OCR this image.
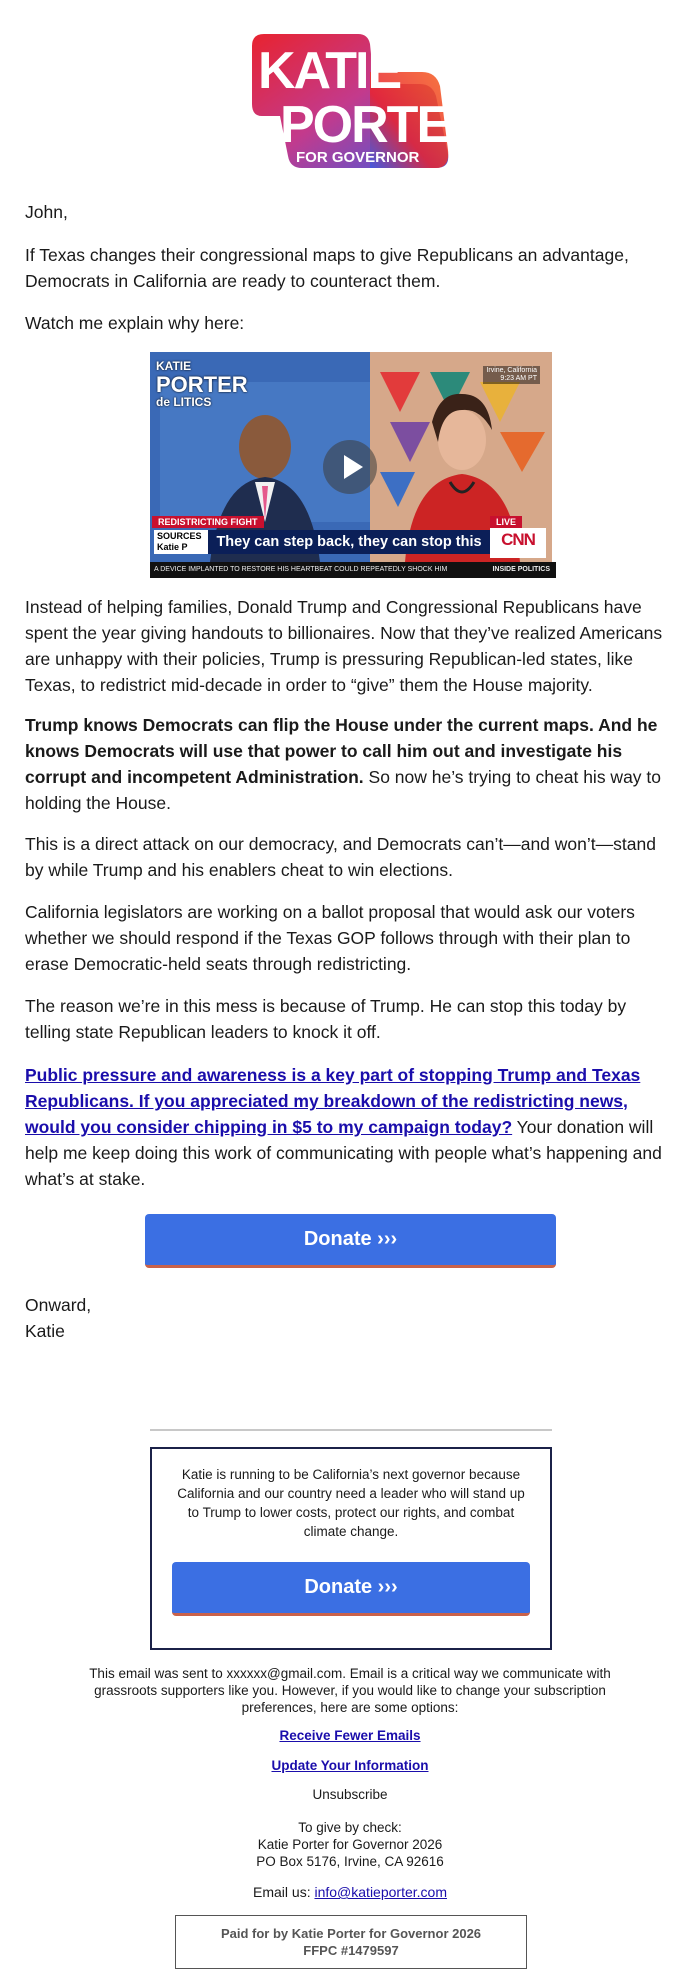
KATIE
PORTER
FOR GOVERNOR

John,

If Texas changes their congressional maps to give Republicans an advantage, Democrats in California are ready to counteract them.

Watch me explain why here:

KATIE
PORTER
de LITICS
Irvine, California
9:23 AM PT
REDISTRICTING FIGHT	LIVE
SOURCES
Katie P	They can step back, they can stop this	CNN
A DEVICE IMPLANTED TO RESTORE HIS HEARTBEAT COULD REPEATEDLY SHOCK HIM	INSIDE POLITICS

Instead of helping families, Donald Trump and Congressional Republicans have spent the year giving handouts to billionaires. Now that they’ve realized Americans are unhappy with their policies, Trump is pressuring Republican-led states, like Texas, to redistrict mid-decade in order to “give” them the House majority.

Trump knows Democrats can flip the House under the current maps. And he knows Democrats will use that power to call him out and investigate his corrupt and incompetent Administration. So now he’s trying to cheat his way to holding the House.

This is a direct attack on our democracy, and Democrats can’t—and won’t—stand by while Trump and his enablers cheat to win elections.

California legislators are working on a ballot proposal that would ask our voters whether we should respond if the Texas GOP follows through with their plan to erase Democratic-held seats through redistricting.

The reason we’re in this mess is because of Trump. He can stop this today by telling state Republican leaders to knock it off.

Public pressure and awareness is a key part of stopping Trump and Texas Republicans. If you appreciated my breakdown of the redistricting news, would you consider chipping in $5 to my campaign today? Your donation will help me keep doing this work of communicating with people what’s happening and what’s at stake.

Donate ›››

Onward,

Katie

Katie is running to be California’s next governor because California and our country need a leader who will stand up to Trump to lower costs, protect our rights, and combat climate change.
Donate ›››

This email was sent to xxxxxx@gmail.com. Email is a critical way we communicate with grassroots supporters like you. However, if you would like to change your subscription preferences, here are some options:

Receive Fewer Emails
Update Your Information

Unsubscribe

To give by check:

Katie Porter for Governor 2026

PO Box 5176, Irvine, CA 92616

Email us: info@katieporter.com
Paid for by Katie Porter for Governor 2026
FFPC #1479597
